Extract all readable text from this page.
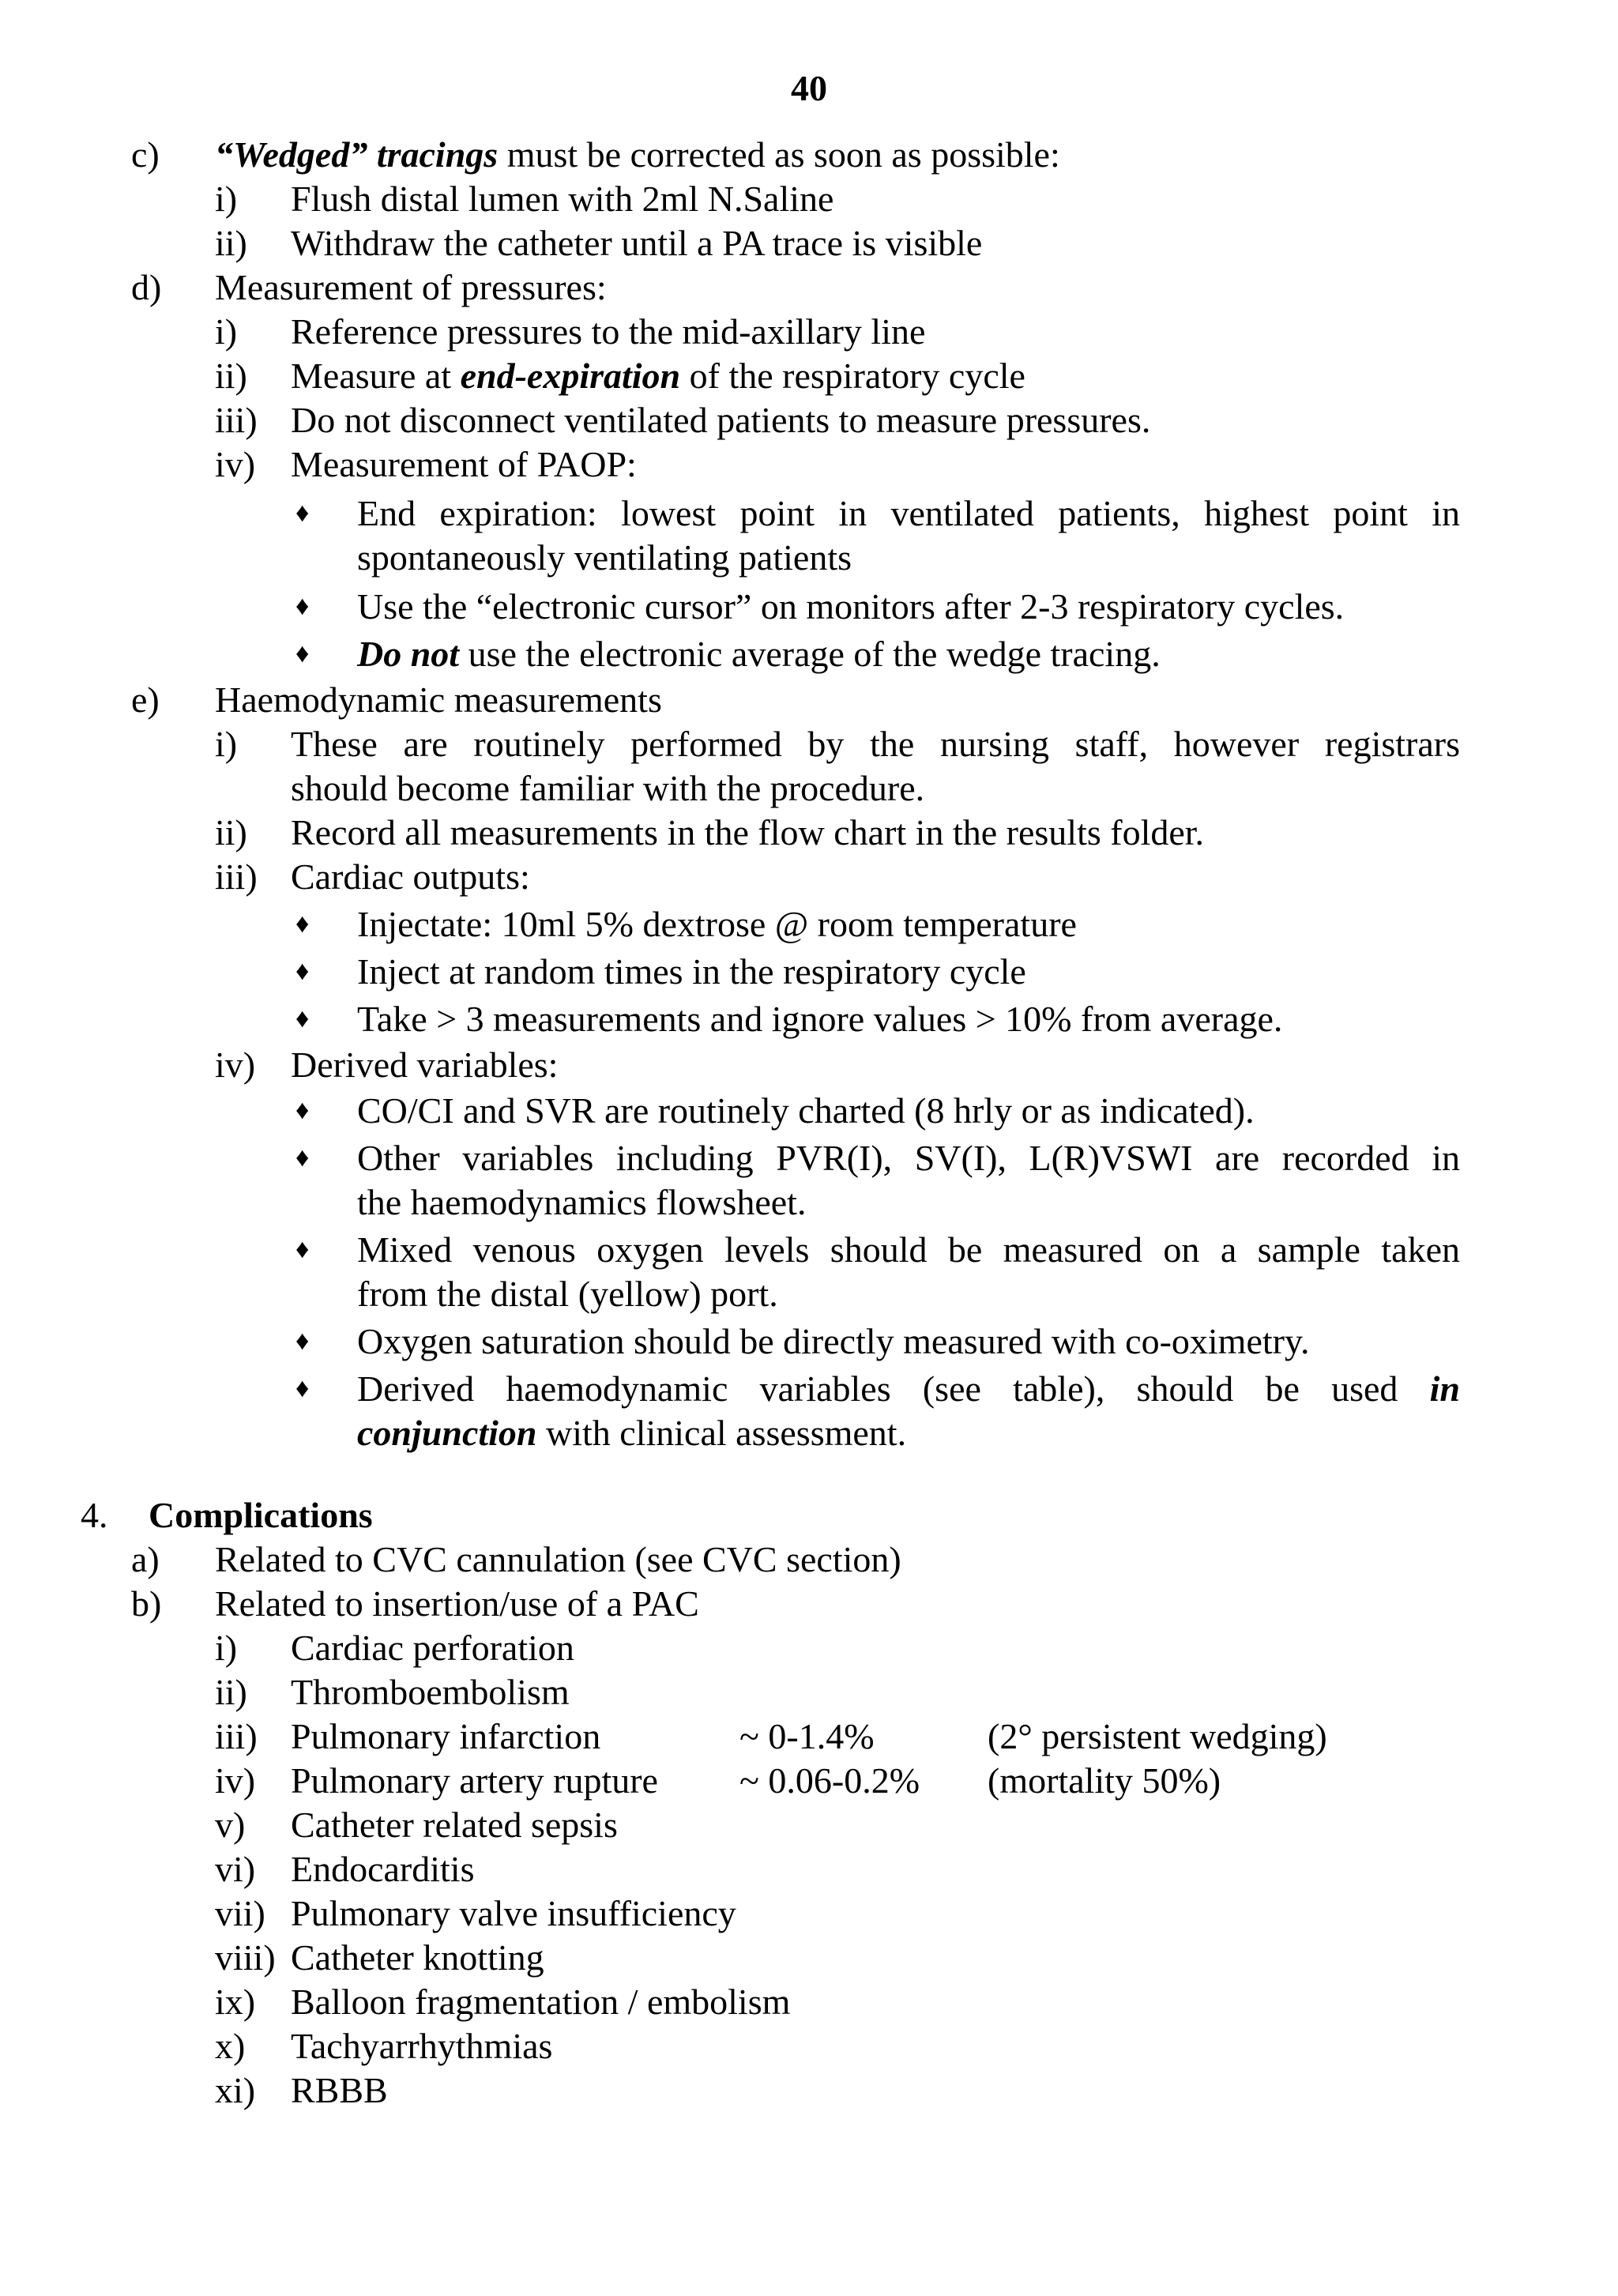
40
c) “Wedged” tracings must be corrected as soon as possible:
i) Flush distal lumen with 2ml N.Saline
ii) Withdraw the catheter until a PA trace is visible
d) Measurement of pressures:
i) Reference pressures to the mid-axillary line
ii) Measure at end-expiration of the respiratory cycle
iii) Do not disconnect ventilated patients to measure pressures.
iv) Measurement of PAOP:
♦ End expiration: lowest point in ventilated patients, highest point in
spontaneously ventilating patients
♦ Use the “electronic cursor” on monitors after 2-3 respiratory cycles.
♦ Do not use the electronic average of the wedge tracing.
e) Haemodynamic measurements
i) These are routinely performed by the nursing staff, however registrars
should become familiar with the procedure.
ii) Record all measurements in the flow chart in the results folder.
iii) Cardiac outputs:
♦ Injectate: 10ml 5% dextrose @ room temperature
♦ Inject at random times in the respiratory cycle
♦ Take > 3 measurements and ignore values > 10% from average.
iv) Derived variables:
♦ CO/CI and SVR are routinely charted (8 hrly or as indicated).
♦ Other variables including PVR(I), SV(I), L(R)VSWI are recorded in
the haemodynamics flowsheet.
♦ Mixed venous oxygen levels should be measured on a sample taken
from the distal (yellow) port.
♦ Oxygen saturation should be directly measured with co-oximetry.
♦ Derived haemodynamic variables (see table), should be used in
conjunction with clinical assessment.
4. Complications
a) Related to CVC cannulation (see CVC section)
b) Related to insertion/use of a PAC
i) Cardiac perforation
ii) Thromboembolism
iii) Pulmonary infarction	~ 0-1.4%	(2° persistent wedging)
iv) Pulmonary artery rupture ~ 0.06-0.2% (mortality 50%)
v) Catheter related sepsis
vi) Endocarditis
vii) Pulmonary valve insufficiency
viii) Catheter knotting
ix) Balloon fragmentation / embolism
x) Tachyarrhythmias
xi) RBBB
